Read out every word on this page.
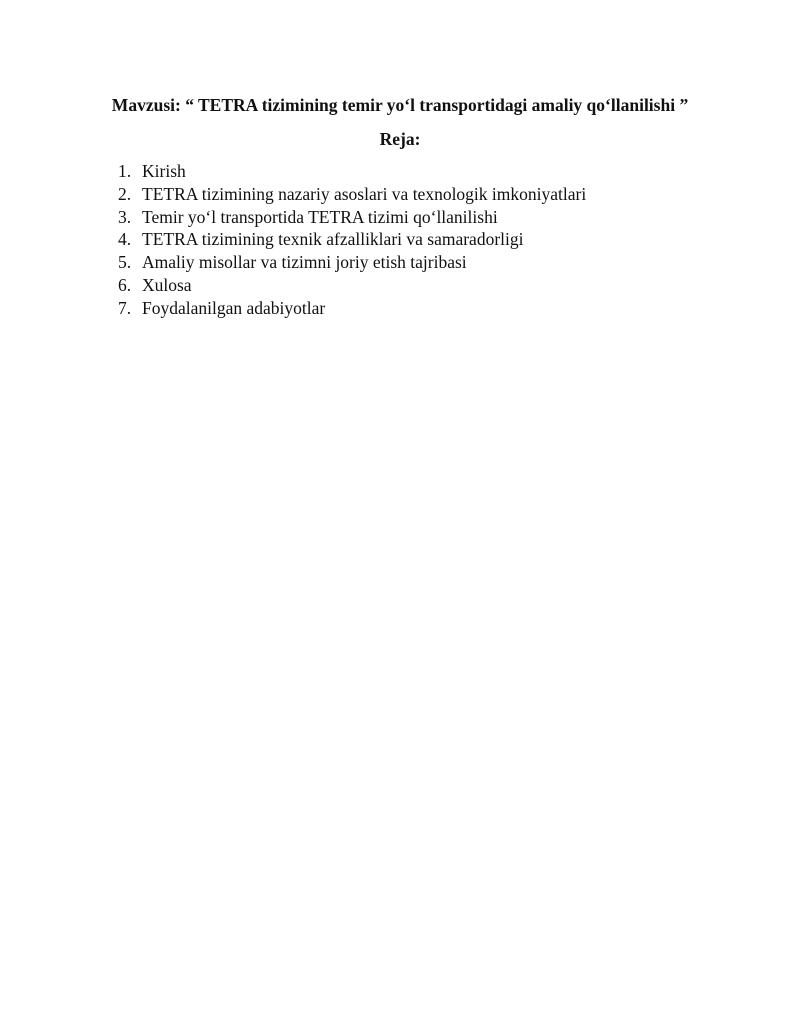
Mavzusi: “ TETRA tizimining temir yo‘l transportidagi amaliy qo‘llanilishi ”
Reja:
1. Kirish
2. TETRA tizimining nazariy asoslari va texnologik imkoniyatlari
3. Temir yo‘l transportida TETRA tizimi qo‘llanilishi
4. TETRA tizimining texnik afzalliklari va samaradorligi
5. Amaliy misollar va tizimni joriy etish tajribasi
6. Xulosa
7. Foydalanilgan adabiyotlar
